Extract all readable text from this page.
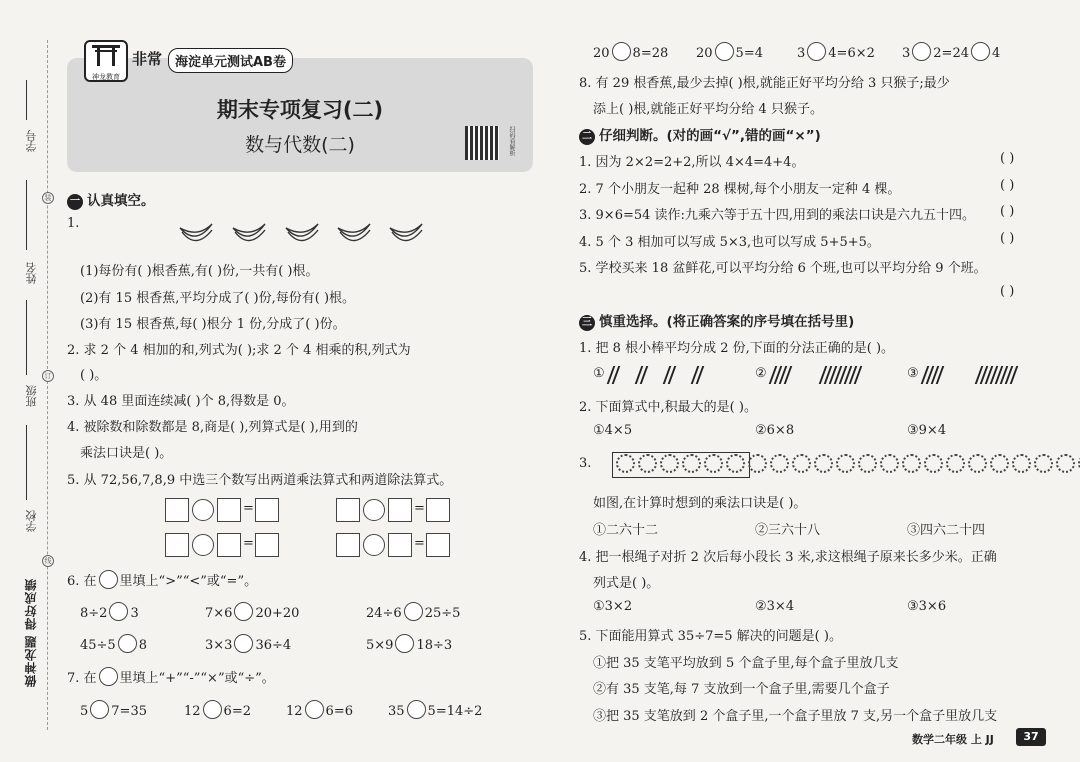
学号
姓名
班级
学校
装
订
线
做神龙题 得好成绩
期末专项复习(二)
数与代数(二)
神龙教育
非常 海淀单元测试AB卷
扫码看解析
一 认真填空。
1.
(1)每份有( )根香蕉,有( )份,一共有( )根。
(2)有 15 根香蕉,平均分成了( )份,每份有( )根。
(3)有 15 根香蕉,每( )根分 1 份,分成了( )份。
2. 求 2 个 4 相加的和,列式为( );求 2 个 4 相乘的积,列式为
( )。
3. 从 48 里面连续减( )个 8,得数是 0。
4. 被除数和除数都是 8,商是( ),列算式是( ),用到的
乘法口诀是( )。
5. 从 72,56,7,8,9 中选三个数写出两道乘法算式和两道除法算式。
=	=
=	=
6. 在 里填上“>”“<”或“=”。
8÷2 3	7×6 20+20	24÷6 25÷5
45÷5 8	3×3 36÷4	5×9 18÷3
7. 在 里填上“+”“-”“×”或“÷”。
5 7=35	12 6=2	12 6=6	35 5=14÷2
20 8=28 20 5=4	3 4=6×2 3 2=24 4
8. 有 29 根香蕉,最少去掉( )根,就能正好平均分给 3 只猴子;最少
添上( )根,就能正好平均分给 4 只猴子。
二 仔细判断。(对的画“√”,错的画“×”)
1. 因为 2×2=2+2,所以 4×4=4+4。	( )
2. 7 个小朋友一起种 28 棵树,每个小朋友一定种 4 棵。	( )
3. 9×6=54 读作:九乘六等于五十四,用到的乘法口诀是六九五十四。 ( )
4. 5 个 3 相加可以写成 5×3,也可以写成 5+5+5。	( )
5. 学校买来 18 盆鲜花,可以平均分给 6 个班,也可以平均分给 9 个班。
( )
三 慎重选择。(将正确答案的序号填在括号里)
1. 把 8 根小棒平均分成 2 份,下面的分法正确的是( )。
①	②	③
2. 下面算式中,积最大的是( )。
①4×5	②6×8	③9×4
3.
如图,在计算时想到的乘法口诀是( )。
①二六十二	②三六十八	③四六二十四
4. 把一根绳子对折 2 次后每小段长 3 米,求这根绳子原来长多少米。正确
列式是( )。
①3×2	②3×4	③3×6
5. 下面能用算式 35÷7=5 解决的问题是( )。
①把 35 支笔平均放到 5 个盒子里,每个盒子里放几支
②有 35 支笔,每 7 支放到一个盒子里,需要几个盒子
③把 35 支笔放到 2 个盒子里,一个盒子里放 7 支,另一个盒子里放几支
数学二年级 上 JJ	37
